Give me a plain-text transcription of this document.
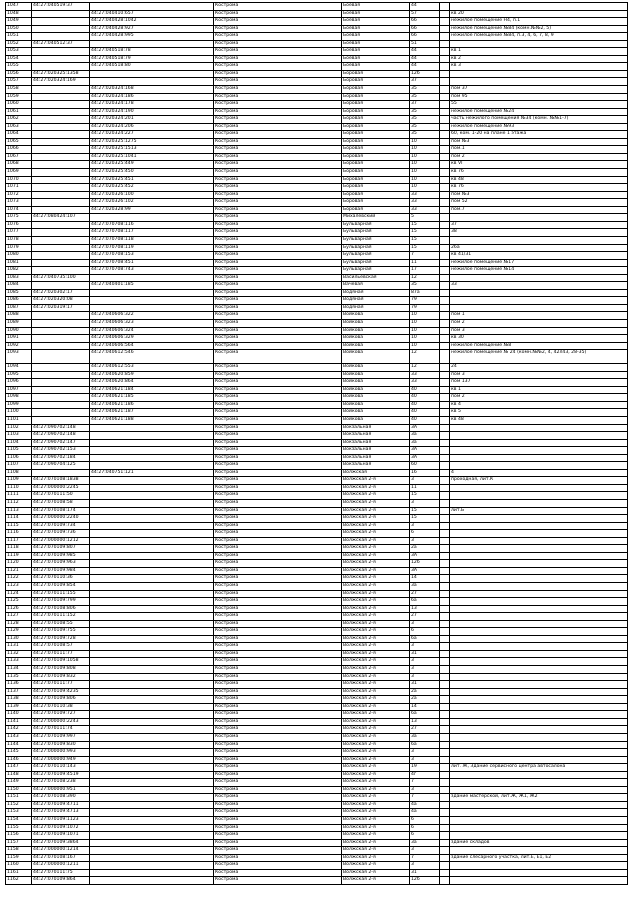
1047	44:27:040519:37		Кострома	Боевая	44		
1048		44:27:040410:657	Кострома	Боевая	57		кв 20
1049		44:27:040428:1042	Кострома	Боевая	66		нежилое помещение Н4, п.1
1050		44:27:040428:927	Кострома	Боевая	66		нежилое помещение №84 (комн.№№2, 5)
1051		44:27:040428:995	Кострома	Боевая	66		нежилое помещение №84, п.3, 4, 6, 7, 8, 9
1052	44:27:040512:37		Кострома	Боевая	51		
1053		44:27:040518:78	Кострома	Боевая	44		кв 1
1054		44:27:040518:79	Кострома	Боевая	44		кв 2
1055		44:27:040518:80	Кострома	Боевая	44		кв 3
1056	44:27:020325:1358		Кострома	Боровая	12б		
1057	44:27:020324:169		Кострома	Боровая	37		
1058		44:27:020324:168	Кострома	Боровая	35		пом 37
1059		44:27:020324:186	Кострома	Боровая	35		пом 95
1060		44:27:020324:178	Кострома	Боровая	37		55
1061		44:27:020324:190	Кострома	Боровая	35		нежилое помещение №24
1062		44:27:020324:201	Кострома	Боровая	35		часть нежилого помещения №34 (комн. №№1-7)
1063		44:27:020324:206	Кострома	Боровая	35		нежилое помещение №93
1064		44:27:020324:227	Кострома	Боровая	35		60, ком. 1-20 на плане 1 этажа
1065		44:27:020325:1275	Кострома	Боровая	10		пом №3
1066		44:27:020325:1513	Кострома	Боровая	10		пом.1
1067		44:27:020325:1041	Кострома	Боровая	10		пом 2
1068		44:27:020325:449	Кострома	Боровая	10		кв VI
1069		44:27:020325:450	Кострома	Боровая	10		кв 76
1070		44:27:020325:451	Кострома	Боровая	10		кв 48
1071		44:27:020325:452	Кострома	Боровая	10		кв 76
1072		44:27:020326:100	Кострома	Боровая	33		пом №3
1073		44:27:020326:102	Кострома	Боровая	33		пом 52
1074		44:27:020328:99	Кострома	Боровая	33		пом.7
1075	44:27:080424:107		Кострома	Михалевский	5		
1076		44:27:070708:116	Кострома	Бульварная	15		37
1077		44:27:070708:117	Кострома	Бульварная	15		38
1078		44:27:070708:118	Кострома	Бульварная	15		
1079		44:27:070708:119	Кострома	Бульварная	15		26а
1080		44:27:070708:153	Кострома	Бульварная	7		кв 41/31
1081		44:27:070708:451	Кострома	Бульварная	11		нежилое помещение №17
1082		44:27:070708:743	Кострома	Бульварная	17		нежилое помещение №14
1083	44:27:040735:100		Кострома	Васильевская	12		
1084		44:27:040401:185	Кострома	Вачевая	35		33
1085	44:27:020302:17		Кострома	Водяная	87а		
1086	44:27:020320:08		Кострома	Водяная	79		
1087	44:27:020319:17		Кострома	Водяная	79		
1088		44:27:040606:322	Кострома	Войкова	10		пом 1
1089		44:27:040606:323	Кострома	Войкова	10		пом 2
1090		44:27:040606:324	Кострома	Войкова	10		пом 3
1091		44:27:040606:329	Кострома	Войкова	10		кв 30
1092		44:27:040606:564	Кострома	Войкова	10		нежилое помещение №8
1093		44:27:040612:546	Кострома	Войкова	12		нежилое помещение № 24 (комн.№№2, 4, 42л43, 28-35)
1094		44:27:040612:553	Кострома	Войкова	12		24
1095		44:27:040620:859	Кострома	Войкова	33		пом 3
1096		44:27:040620:864	Кострома	Войкова	33		пом 137
1097		44:27:040621:184	Кострома	Войкова	40		кв 1
1098		44:27:040621:185	Кострома	Войкова	40		пом 2
1099		44:27:040621:186	Кострома	Войкова	40		кв 4
1100		44:27:040621:187	Кострома	Войкова	40		кв 5
1101		44:27:040621:188	Кострома	Войкова	40		кв 48
1102	44:27:090702:148		Кострома	Вокзальная	3А		
1103	44:27:090702:148		Кострома	Вокзальная	3а		
1104	44:27:090702:147		Кострома	Вокзальная	3а		
1105	44:27:090702:153		Кострома	Вокзальная	3А		
1106	44:27:090702:184		Кострома	Вокзальная	3А		
1107	44:27:090704:125		Кострома	Вокзальная	60		
1108		44:27:040751:121	Кострома	Волжская	16		4
1109	44:27:070108:1838		Кострома	Волжская 2-я	3		проходная, лит.К
1110	44:27:000000:2245		Кострома	Волжская 2-я	11		
1111	44:27:070111:50		Кострома	Волжская 2-я	15		
1112	44:27:070108:58		Кострома	Волжская 2-я	3		
1113	44:27:070108:174		Кострома	Волжская 2-я	15		лит.Б
1114	44:27:000000:2240		Кострома	Волжская 2-я	15		
1115	44:27:070109:734		Кострома	Волжская 2-я	3		
1116	44:27:070109:736		Кострома	Волжская 2-я	6		
1117	44:27:000000:1212		Кострома	Волжская 2-я	3		
1118	44:27:070109:807		Кострома	Волжская 2-я	2а		
1119	44:27:070109:985		Кострома	Волжская 2-я	3А		
1120	44:27:070109:963		Кострома	Волжская 2-я	12б		
1121	44:27:070109:984		Кострома	Волжская 2-я	3А		
1122	44:27:070110:36		Кострома	Волжская 2-я	14		
1123	44:27:070109:854		Кострома	Волжская 2-я	3а		
1124	44:27:070111:155		Кострома	Волжская 2-я	27		
1125	44:27:070109:799		Кострома	Волжская 2-я	6а		
1126	44:27:070108:806		Кострома	Волжская 2-я	13		
1127	44:27:070111:152		Кострома	Волжская 2-я	27		
1128	44:27:070108:55		Кострома	Волжская 2-я	3		
1129	44:27:070109:755		Кострома	Волжская 2-я	6		
1130	44:27:070109:728		Кострома	Волжская 2-я	6а		
1131	44:27:070108:57		Кострома	Волжская 2-я	3		
1132	44:27:070111:77		Кострома	Волжская 2-я	31		
1133	44:27:070109:1058		Кострома	Волжская 2-я	3		
1134	44:27:070109:808		Кострома	Волжская 2-я	3		
1135	44:27:070109:832		Кострома	Волжская 2-я	3		
1136	44:27:070111:77		Кострома	Волжская 2-я	31		
1137	44:27:070109:4235		Кострома	Волжская 2-я	2а		
1138	44:27:070109:806		Кострома	Волжская 2-я	2а		
1139	44:27:070110:38		Кострома	Волжская 2-я	14		
1140	44:27:070109:727		Кострома	Волжская 2-я	6а		
1141	44:27:000000:2243		Кострома	Волжская 2-я	13		
1142	44:27:070111:74		Кострома	Волжская 2-я	27		
1143	44:27:070109:997		Кострома	Волжская 2-я	3а		
1144	44:27:070109:830		Кострома	Волжская 2-я	6а		
1145	44:27:000000:993		Кострома	Волжская 2-я	3		
1146	44:27:000000:949		Кострома	Волжская 2-я	3		
1147	44:27:070110:143		Кострома	Волжская 2-я	19		лит. Ж, Здание сервисного центра автосалона
1148	44:27:070109:4519		Кострома	Волжская 2-я	4г		
1149	44:27:070108:238		Кострома	Волжская 2-я	7		
1150	44:27:000000:951		Кострома	Волжская 2-я	3		
1151	44:27:070108:390		Кострома	Волжская 2-я	7		здание мастерской, лит.Ж, Ж1, Ж2
1152	44:27:070109:4711		Кострома	Волжская 2-я	4а		
1153	44:27:070109:4713		Кострома	Волжская 2-я	4а		
1154	44:27:070109:1123		Кострома	Волжская 2-я	6		
1155	44:27:070109:1072		Кострома	Волжская 2-я	6		
1156	44:27:070109:1071		Кострома	Волжская 2-я	6		
1157	44:27:070109:3864		Кострома	Волжская 2-я	3а		здание складов
1158	44:27:000000:1214		Кострома	Волжская 2-я	3		
1159	44:27:070108:167		Кострома	Волжская 2-я	7		здание слесарного участка, лит.Е, Е1, Е2
1160	44:27:000000:1211		Кострома	Волжская 2-я	3		
1161	44:27:070111:75		Кострома	Волжская 2-я	31		
1162	44:27:070109:864		Кострома	Волжская 2-я	12б		
